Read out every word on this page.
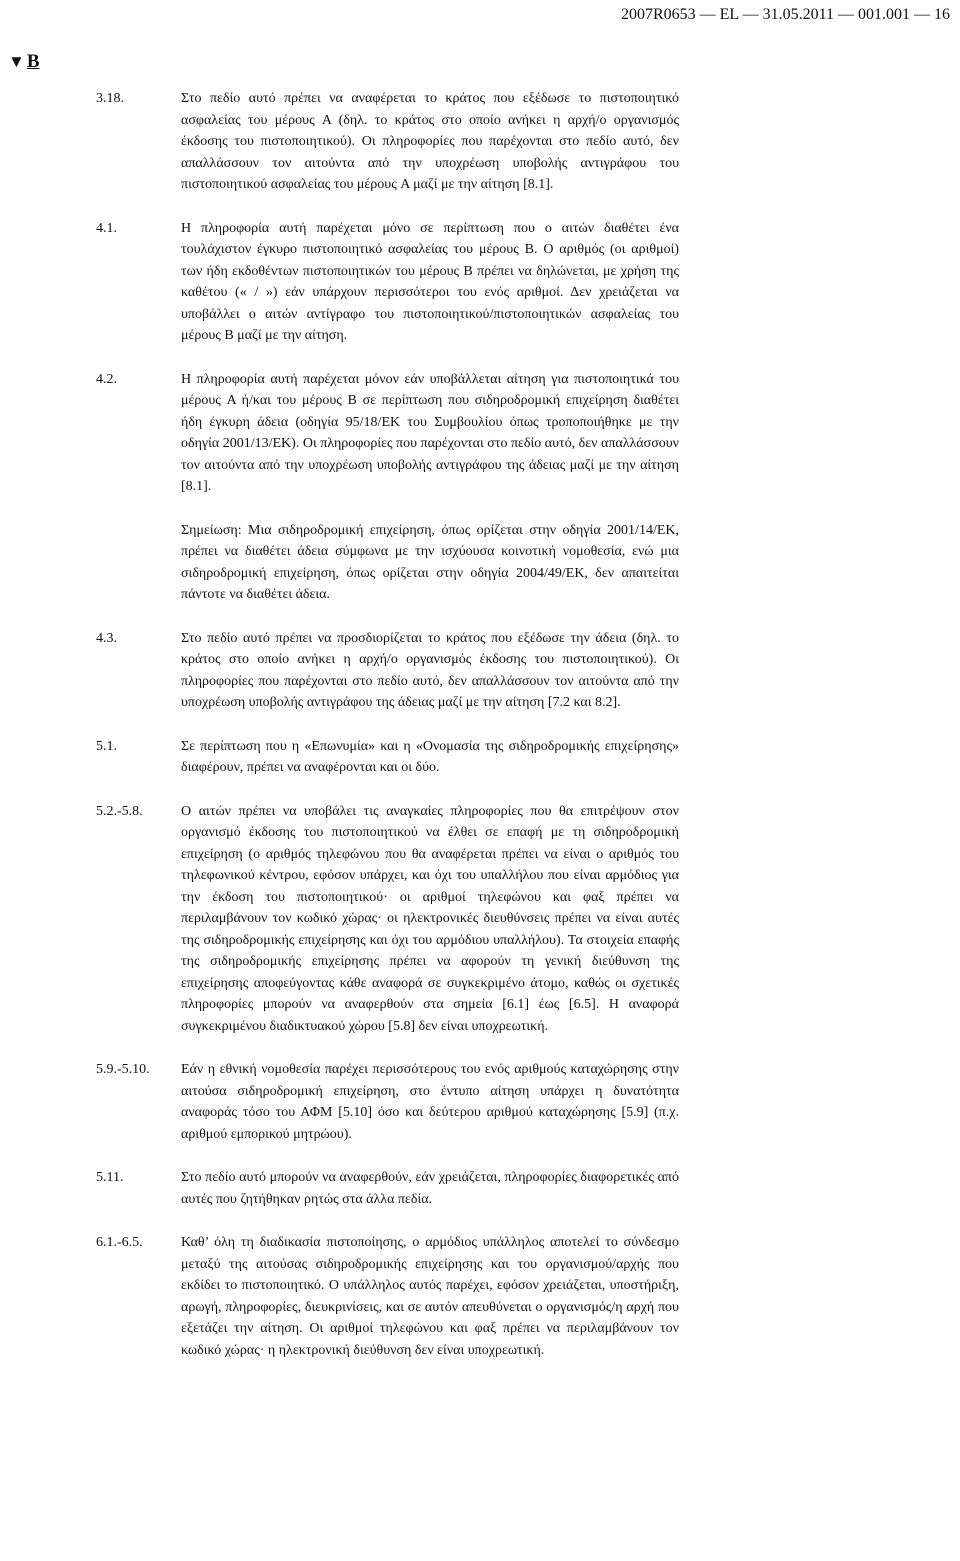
2007R0653 — EL — 31.05.2011 — 001.001 — 16
▼ B
3.18.	Στο πεδίο αυτό πρέπει να αναφέρεται το κράτος που εξέδωσε το πιστοποιητικό ασφαλείας του μέρους A (δηλ. το κράτος στο οποίο ανήκει η αρχή/ο οργανισμός έκδοσης του πιστοποιητικού). Οι πληροφορίες που παρέχονται στο πεδίο αυτό, δεν απαλλάσσουν τον αιτούντα από την υποχρέωση υποβολής αντιγράφου του πιστοποιητικού ασφαλείας του μέρους A μαζί με την αίτηση [8.1].
4.1.	Η πληροφορία αυτή παρέχεται μόνο σε περίπτωση που ο αιτών διαθέτει ένα τουλάχιστον έγκυρο πιστοποιητικό ασφαλείας του μέρους B. Ο αριθμός (οι αριθμοί) των ήδη εκδοθέντων πιστοποιητικών του μέρους B πρέπει να δηλώνεται, με χρήση της καθέτου (« / ») εάν υπάρχουν περισσότεροι του ενός αριθμοί. Δεν χρειάζεται να υποβάλλει ο αιτών αντίγραφο του πιστοποιητικού/πιστοποιητικών ασφαλείας του μέρους B μαζί με την αίτηση.
4.2.	Η πληροφορία αυτή παρέχεται μόνον εάν υποβάλλεται αίτηση για πιστοποιητικά του μέρους A ή/και του μέρους B σε περίπτωση που σιδηροδρομική επιχείρηση διαθέτει ήδη έγκυρη άδεια (οδηγία 95/18/ΕΚ του Συμβουλίου όπως τροποποιήθηκε με την οδηγία 2001/13/ΕΚ). Οι πληροφορίες που παρέχονται στο πεδίο αυτό, δεν απαλλάσσουν τον αιτούντα από την υποχρέωση υποβολής αντιγράφου της άδειας μαζί με την αίτηση [8.1].
Σημείωση: Μια σιδηροδρομική επιχείρηση, όπως ορίζεται στην οδηγία 2001/14/ΕΚ, πρέπει να διαθέτει άδεια σύμφωνα με την ισχύουσα κοινοτική νομοθεσία, ενώ μια σιδηροδρομική επιχείρηση, όπως ορίζεται στην οδηγία 2004/49/ΕΚ, δεν απαιτείται πάντοτε να διαθέτει άδεια.
4.3.	Στο πεδίο αυτό πρέπει να προσδιορίζεται το κράτος που εξέδωσε την άδεια (δηλ. το κράτος στο οποίο ανήκει η αρχή/ο οργανισμός έκδοσης του πιστοποιητικού). Οι πληροφορίες που παρέχονται στο πεδίο αυτό, δεν απαλλάσσουν τον αιτούντα από την υποχρέωση υποβολής αντιγράφου της άδειας μαζί με την αίτηση [7.2 και 8.2].
5.1.	Σε περίπτωση που η «Επωνυμία» και η «Ονομασία της σιδηροδρομικής επιχείρησης» διαφέρουν, πρέπει να αναφέρονται και οι δύο.
5.2.-5.8.	Ο αιτών πρέπει να υποβάλει τις αναγκαίες πληροφορίες που θα επιτρέψουν στον οργανισμό έκδοσης του πιστοποιητικού να έλθει σε επαφή με τη σιδηροδρομική επιχείρηση (ο αριθμός τηλεφώνου που θα αναφέρεται πρέπει να είναι ο αριθμός του τηλεφωνικού κέντρου, εφόσον υπάρχει, και όχι του υπαλλήλου που είναι αρμόδιος για την έκδοση του πιστοποιητικού· οι αριθμοί τηλεφώνου και φαξ πρέπει να περιλαμβάνουν τον κωδικό χώρας· οι ηλεκτρονικές διευθύνσεις πρέπει να είναι αυτές της σιδηροδρομικής επιχείρησης και όχι του αρμόδιου υπαλλήλου). Τα στοιχεία επαφής της σιδηροδρομικής επιχείρησης πρέπει να αφορούν τη γενική διεύθυνση της επιχείρησης αποφεύγοντας κάθε αναφορά σε συγκεκριμένο άτομο, καθώς οι σχετικές πληροφορίες μπορούν να αναφερθούν στα σημεία [6.1] έως [6.5]. Η αναφορά συγκεκριμένου διαδικτυακού χώρου [5.8] δεν είναι υποχρεωτική.
5.9.-5.10. Εάν η εθνική νομοθεσία παρέχει περισσότερους του ενός αριθμούς καταχώρησης στην αιτούσα σιδηροδρομική επιχείρηση, στο έντυπο αίτηση υπάρχει η δυνατότητα αναφοράς τόσο του ΑΦΜ [5.10] όσο και δεύτερου αριθμού καταχώρησης [5.9] (π.χ. αριθμού εμπορικού μητρώου).
5.11.	Στο πεδίο αυτό μπορούν να αναφερθούν, εάν χρειάζεται, πληροφορίες διαφορετικές από αυτές που ζητήθηκαν ρητώς στα άλλα πεδία.
6.1.-6.5.	Καθ’ όλη τη διαδικασία πιστοποίησης, ο αρμόδιος υπάλληλος αποτελεί το σύνδεσμο μεταξύ της αιτούσας σιδηροδρομικής επιχείρησης και του οργανισμού/αρχής που εκδίδει το πιστοποιητικό. Ο υπάλληλος αυτός παρέχει, εφόσον χρειάζεται, υποστήριξη, αρωγή, πληροφορίες, διευκρινίσεις, και σε αυτόν απευθύνεται ο οργανισμός/η αρχή που εξετάζει την αίτηση. Οι αριθμοί τηλεφώνου και φαξ πρέπει να περιλαμβάνουν τον κωδικό χώρας· η ηλεκτρονική διεύθυνση δεν είναι υποχρεωτική.
